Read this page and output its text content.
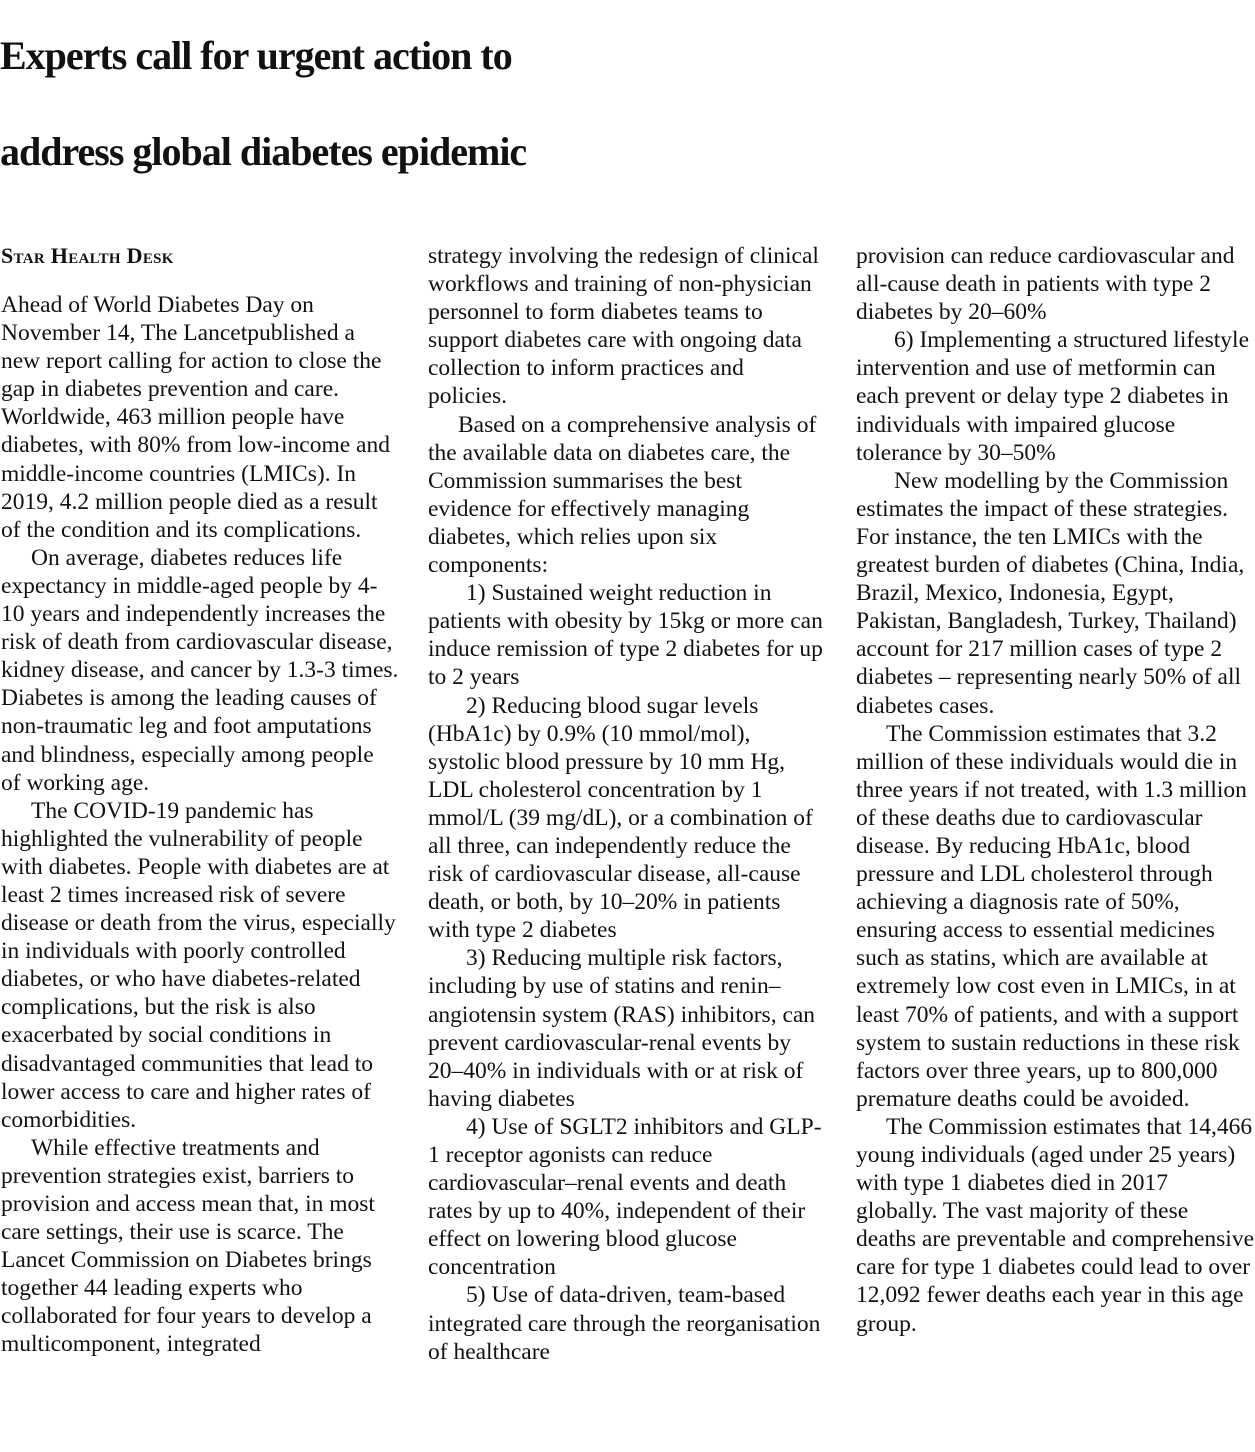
Experts call for urgent action to
address global diabetes epidemic
Star Health Desk

Ahead of World Diabetes Day on November 14, The Lancetpublished a new report calling for action to close the gap in diabetes prevention and care. Worldwide, 463 million people have diabetes, with 80% from low-income and middle-income countries (LMICs). In 2019, 4.2 million people died as a result of the condition and its complications.

On average, diabetes reduces life expectancy in middle-aged people by 4-10 years and independently increases the risk of death from cardiovascular disease, kidney disease, and cancer by 1.3-3 times. Diabetes is among the leading causes of non-traumatic leg and foot amputations and blindness, especially among people of working age.

The COVID-19 pandemic has highlighted the vulnerability of people with diabetes. People with diabetes are at least 2 times increased risk of severe disease or death from the virus, especially in individuals with poorly controlled diabetes, or who have diabetes-related complications, but the risk is also exacerbated by social conditions in disadvantaged communities that lead to lower access to care and higher rates of comorbidities.

While effective treatments and prevention strategies exist, barriers to provision and access mean that, in most care settings, their use is scarce. The Lancet Commission on Diabetes brings together 44 leading experts who collaborated for four years to develop a multicomponent, integrated

strategy involving the redesign of clinical workflows and training of non-physician personnel to form diabetes teams to support diabetes care with ongoing data collection to inform practices and policies.

Based on a comprehensive analysis of the available data on diabetes care, the Commission summarises the best evidence for effectively managing diabetes, which relies upon six components:

1) Sustained weight reduction in patients with obesity by 15kg or more can induce remission of type 2 diabetes for up to 2 years

2) Reducing blood sugar levels (HbA1c) by 0.9% (10 mmol/mol), systolic blood pressure by 10 mm Hg, LDL cholesterol concentration by 1 mmol/L (39 mg/dL), or a combination of all three, can independently reduce the risk of cardiovascular disease, all-cause death, or both, by 10–20% in patients with type 2 diabetes

3) Reducing multiple risk factors, including by use of statins and renin–angiotensin system (RAS) inhibitors, can prevent cardiovascular-renal events by 20–40% in individuals with or at risk of having diabetes

4) Use of SGLT2 inhibitors and GLP-1 receptor agonists can reduce cardiovascular–renal events and death rates by up to 40%, independent of their effect on lowering blood glucose concentration

5) Use of data-driven, team-based integrated care through the reorganisation of healthcare

provision can reduce cardiovascular and all-cause death in patients with type 2 diabetes by 20–60%

6) Implementing a structured lifestyle intervention and use of metformin can each prevent or delay type 2 diabetes in individuals with impaired glucose tolerance by 30–50%

New modelling by the Commission estimates the impact of these strategies. For instance, the ten LMICs with the greatest burden of diabetes (China, India, Brazil, Mexico, Indonesia, Egypt, Pakistan, Bangladesh, Turkey, Thailand) account for 217 million cases of type 2 diabetes – representing nearly 50% of all diabetes cases.

The Commission estimates that 3.2 million of these individuals would die in three years if not treated, with 1.3 million of these deaths due to cardiovascular disease. By reducing HbA1c, blood pressure and LDL cholesterol through achieving a diagnosis rate of 50%, ensuring access to essential medicines such as statins, which are available at extremely low cost even in LMICs, in at least 70% of patients, and with a support system to sustain reductions in these risk factors over three years, up to 800,000 premature deaths could be avoided.

The Commission estimates that 14,466 young individuals (aged under 25 years) with type 1 diabetes died in 2017 globally. The vast majority of these deaths are preventable and comprehensive care for type 1 diabetes could lead to over 12,092 fewer deaths each year in this age group.
